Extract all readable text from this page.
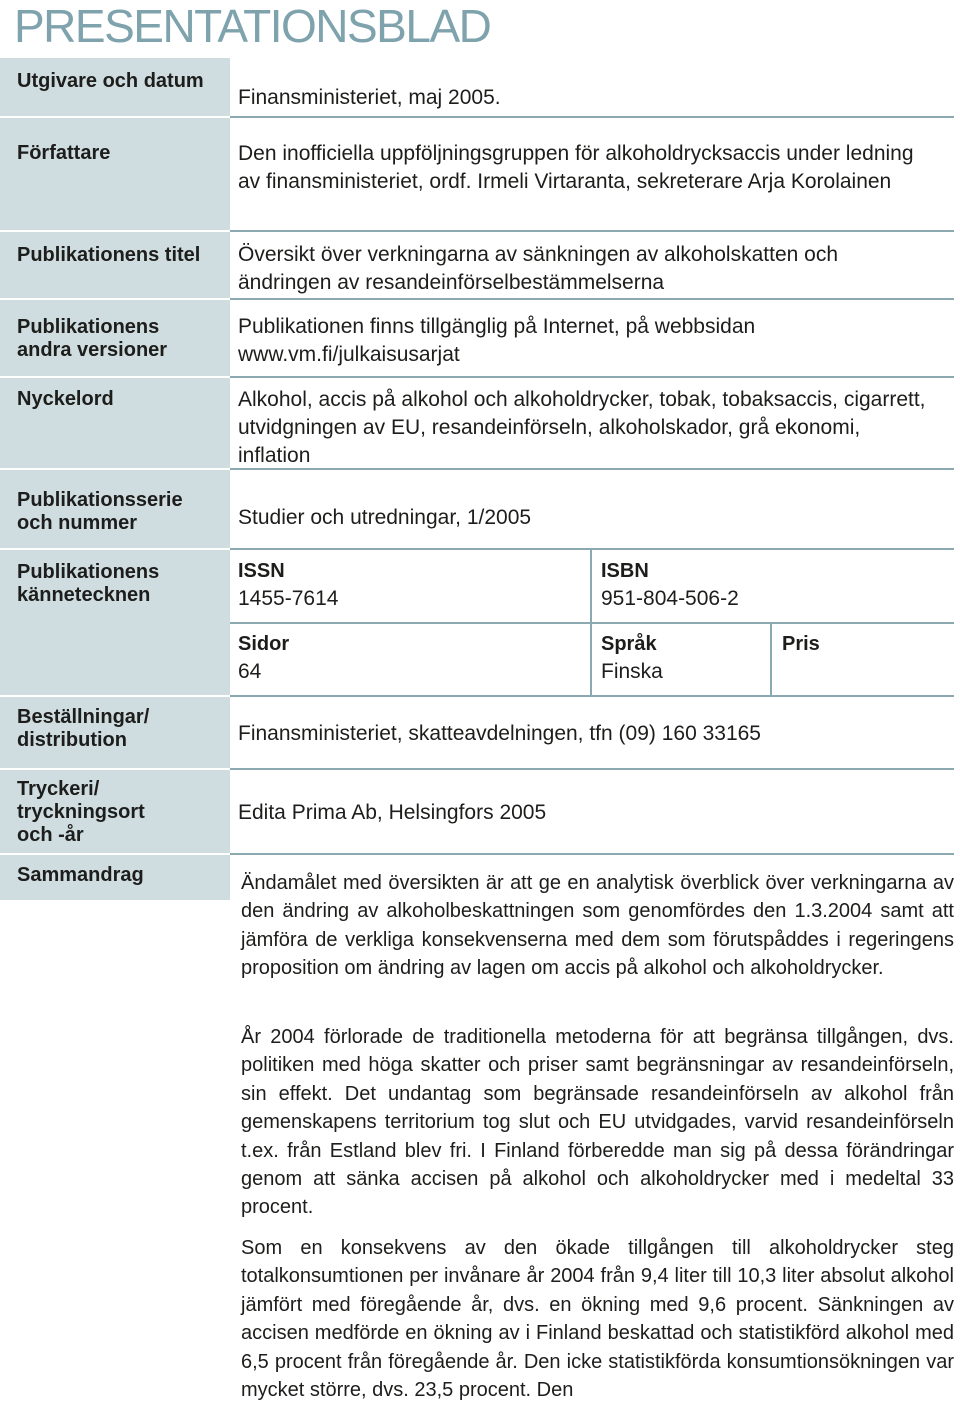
PRESENTATIONSBLAD
Utgivare och datum
Författare
Publikationens titel
Publikationens andra versioner
Nyckelord
Publikationsserie och nummer
Publikationens kännetecknen
Beställningar/ distribution
Tryckeri/ tryckningsort och -år
Sammandrag
Finansministeriet, maj 2005.
Den inofficiella uppföljningsgruppen för alkoholdrycksaccis under ledning av finansministeriet, ordf. Irmeli Virtaranta, sekreterare Arja Korolainen
Översikt över verkningarna av sänkningen av alkoholskatten och ändringen av resandeinförselbestämmelserna
Publikationen finns tillgänglig på Internet, på webbsidan www.vm.fi/julkaisusarjat
Alkohol, accis på alkohol och alkoholdrycker, tobak, tobaksaccis, cigarrett, utvidgningen av EU, resandeinförseln, alkoholskador, grå ekonomi, inflation
Studier och utredningar, 1/2005
Finansministeriet, skatteavdelningen, tfn (09) 160 33165
Edita Prima Ab, Helsingfors 2005
ISSN
1455-7614
ISBN
951-804-506-2
Sidor
64
Språk
Finska
Pris
Ändamålet med översikten är att ge en analytisk överblick över verkningarna av den ändring av alkoholbeskattningen som genomfördes den 1.3.2004 samt att jämföra de verkliga konsekvenserna med dem som förutspåddes i regeringens proposition om ändring av lagen om accis på alkohol och alkoholdrycker.
År 2004 förlorade de traditionella metoderna för att begränsa tillgången, dvs. politiken med höga skatter och priser samt begränsningar av resandeinförseln, sin effekt. Det undantag som begränsade resandeinförseln av alkohol från gemenskapens territorium tog slut och EU utvidgades, varvid resandeinförseln t.ex. från Estland blev fri. I Finland förberedde man sig på dessa förändringar genom att sänka accisen på alkohol och alkoholdrycker med i medeltal 33 procent.
Som en konsekvens av den ökade tillgången till alkoholdrycker steg totalkonsumtionen per invånare år 2004 från 9,4 liter till 10,3 liter absolut alkohol jämfört med föregående år, dvs. en ökning med 9,6 procent. Sänkningen av accisen medförde en ökning av i Finland beskattad och statistikförd alkohol med 6,5 procent från föregående år. Den icke statistikförda konsumtionsökningen var mycket större, dvs. 23,5 procent. Den
